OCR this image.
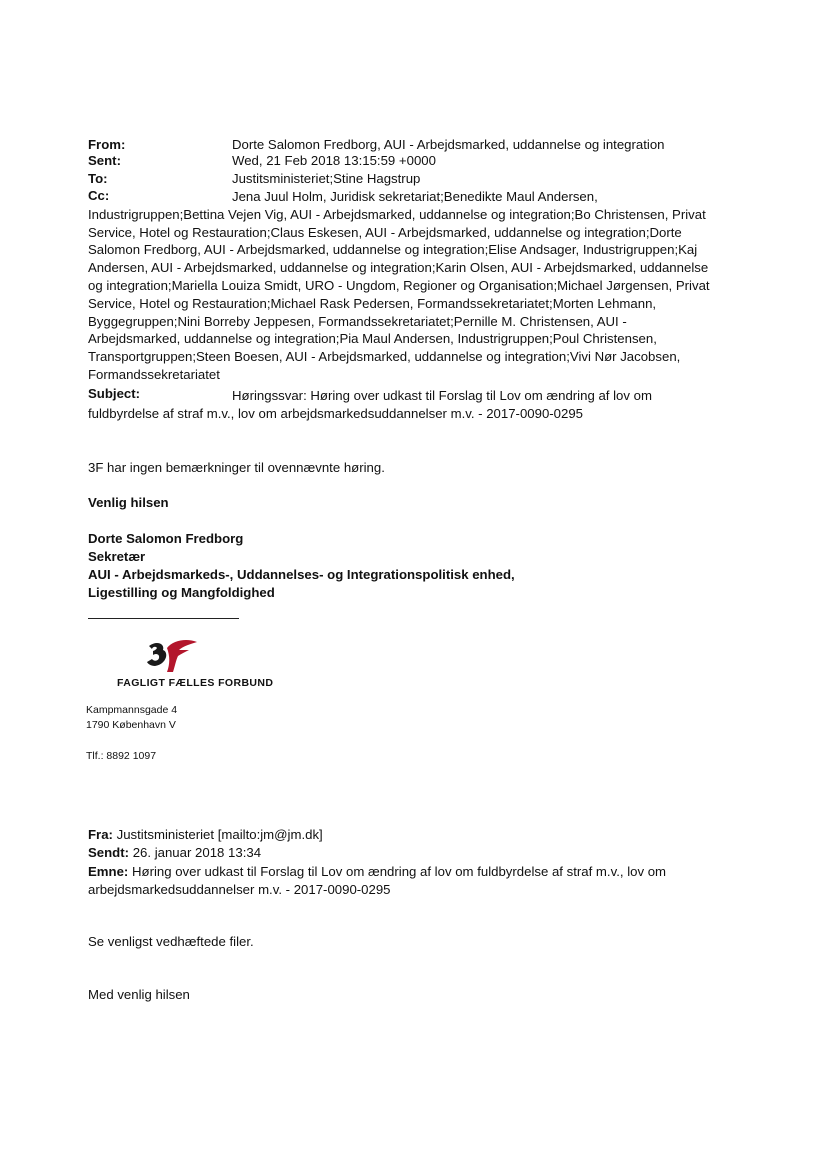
From:	Dorte Salomon Fredborg, AUI - Arbejdsmarked, uddannelse og integration
Sent:	Wed, 21 Feb 2018 13:15:59 +0000
To:	Justitsministeriet;Stine Hagstrup
Cc:	Jena Juul Holm, Juridisk sekretariat;Benedikte Maul Andersen,
Industrigruppen;Bettina Vejen Vig, AUI - Arbejdsmarked, uddannelse og integration;Bo Christensen, Privat
Service, Hotel og Restauration;Claus Eskesen, AUI - Arbejdsmarked, uddannelse og integration;Dorte
Salomon Fredborg, AUI - Arbejdsmarked, uddannelse og integration;Elise Andsager, Industrigruppen;Kaj
Andersen, AUI - Arbejdsmarked, uddannelse og integration;Karin Olsen, AUI - Arbejdsmarked, uddannelse
og integration;Mariella Louiza Smidt, URO - Ungdom, Regioner og Organisation;Michael Jørgensen, Privat
Service, Hotel og Restauration;Michael Rask Pedersen, Formandssekretariatet;Morten Lehmann,
Byggegruppen;Nini Borreby Jeppesen, Formandssekretariatet;Pernille M. Christensen, AUI -
Arbejdsmarked, uddannelse og integration;Pia Maul Andersen, Industrigruppen;Poul Christensen,
Transportgruppen;Steen Boesen, AUI - Arbejdsmarked, uddannelse og integration;Vivi Nør Jacobsen,
Formandssekretariatet
Subject:	Høringssvar: Høring over udkast til Forslag til Lov om ændring af lov om
fuldbyrdelse af straf m.v., lov om arbejdsmarkedsuddannelser m.v. - 2017-0090-0295
3F har ingen bemærkninger til ovennævnte høring.
Venlig hilsen
Dorte Salomon Fredborg
Sekretær
AUI - Arbejdsmarkeds-, Uddannelses- og Integrationspolitisk enhed,
Ligestilling og Mangfoldighed
FAGLIGT FÆLLES FORBUND
Kampmannsgade 4
1790 København V
Tlf.: 8892 1097
Fra: Justitsministeriet [mailto:jm@jm.dk]
Sendt: 26. januar 2018 13:34
Emne: Høring over udkast til Forslag til Lov om ændring af lov om fuldbyrdelse af straf m.v., lov om
arbejdsmarkedsuddannelser m.v. - 2017-0090-0295
Se venligst vedhæftede filer.
Med venlig hilsen
